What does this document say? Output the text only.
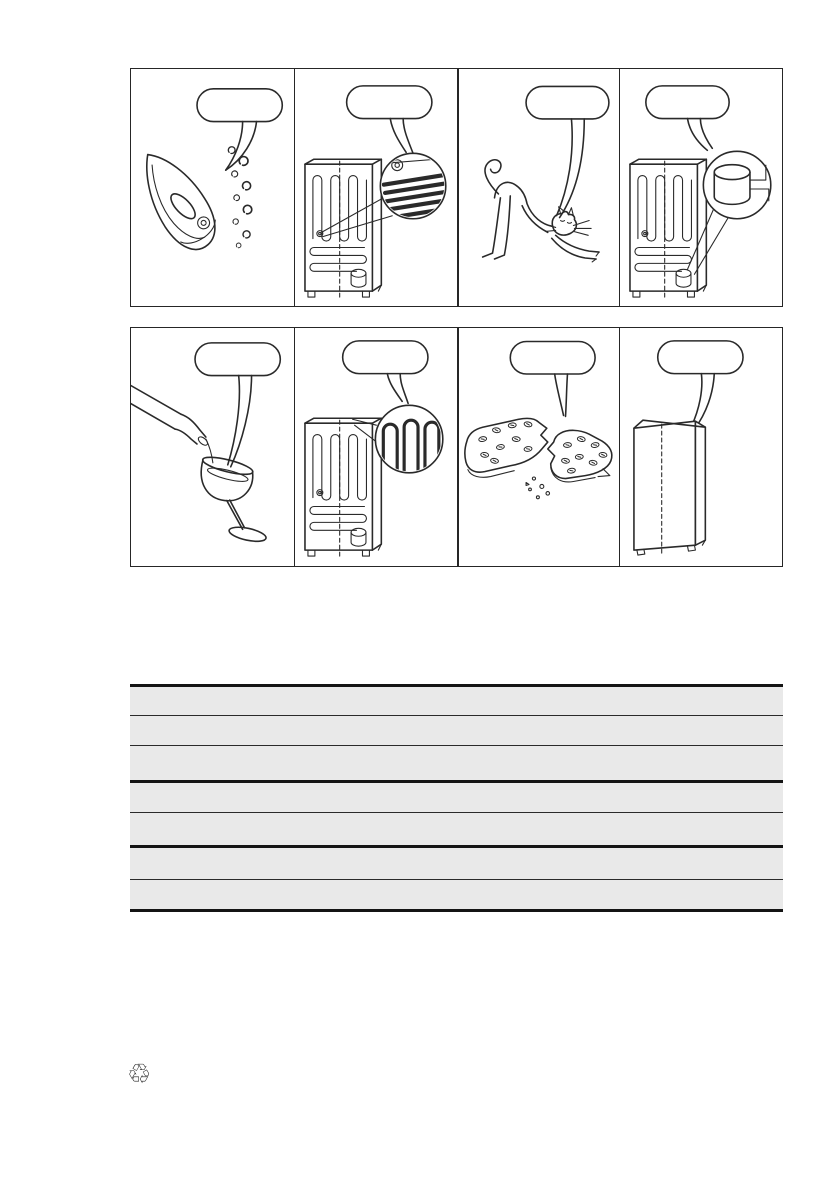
♲
